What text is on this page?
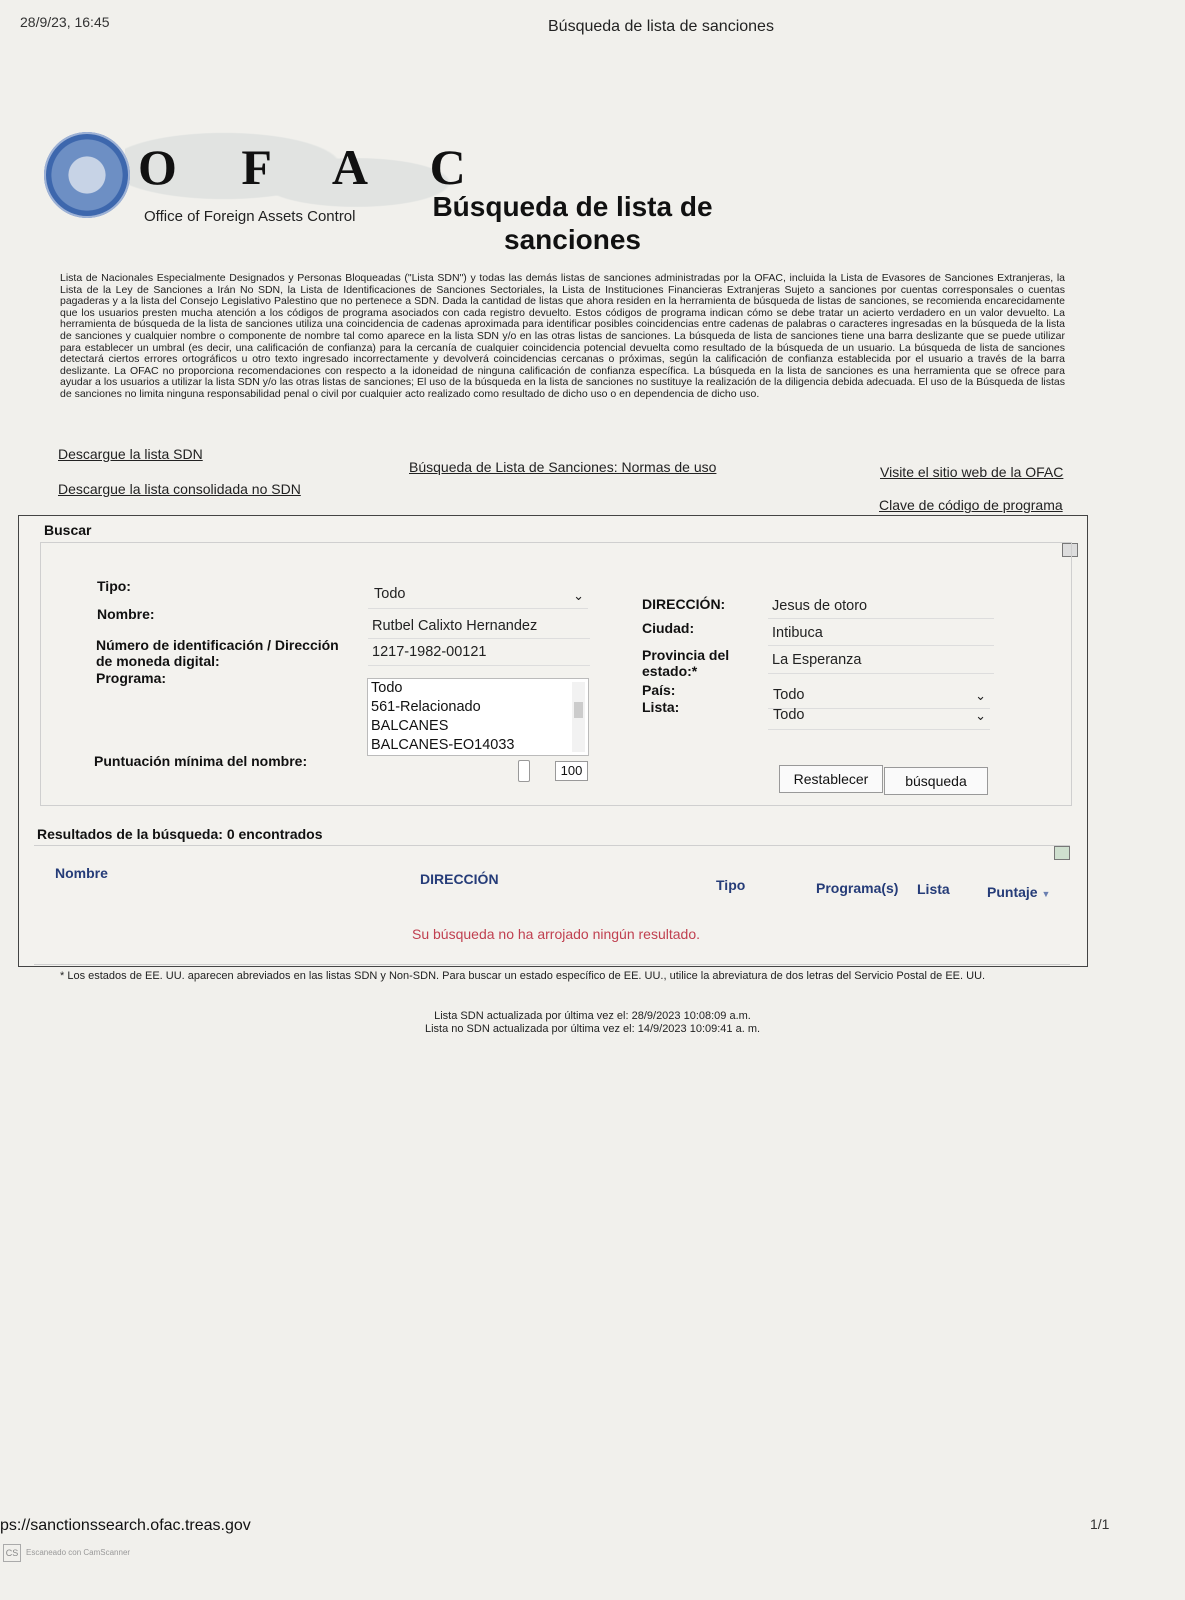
28/9/23, 16:45	Búsqueda de lista de sanciones
O F A C
Office of Foreign Assets Control	Búsqueda de lista de sanciones
Lista de Nacionales Especialmente Designados y Personas Bloqueadas ("Lista SDN") y todas las demás listas de sanciones administradas por la OFAC, incluida la Lista de Evasores de Sanciones Extranjeras, la Lista de la Ley de Sanciones a Irán No SDN, la Lista de Identificaciones de Sanciones Sectoriales, la Lista de Instituciones Financieras Extranjeras Sujeto a sanciones por cuentas corresponsales o cuentas pagaderas y a la lista del Consejo Legislativo Palestino que no pertenece a SDN. Dada la cantidad de listas que ahora residen en la herramienta de búsqueda de listas de sanciones, se recomienda encarecidamente que los usuarios presten mucha atención a los códigos de programa asociados con cada registro devuelto. Estos códigos de programa indican cómo se debe tratar un acierto verdadero en un valor devuelto. La herramienta de búsqueda de la lista de sanciones utiliza una coincidencia de cadenas aproximada para identificar posibles coincidencias entre cadenas de palabras o caracteres ingresadas en la búsqueda de la lista de sanciones y cualquier nombre o componente de nombre tal como aparece en la lista SDN y/o en las otras listas de sanciones. La búsqueda de lista de sanciones tiene una barra deslizante que se puede utilizar para establecer un umbral (es decir, una calificación de confianza) para la cercanía de cualquier coincidencia potencial devuelta como resultado de la búsqueda de un usuario. La búsqueda de lista de sanciones detectará ciertos errores ortográficos u otro texto ingresado incorrectamente y devolverá coincidencias cercanas o próximas, según la calificación de confianza establecida por el usuario a través de la barra deslizante. La OFAC no proporciona recomendaciones con respecto a la idoneidad de ninguna calificación de confianza específica. La búsqueda en la lista de sanciones es una herramienta que se ofrece para ayudar a los usuarios a utilizar la lista SDN y/o las otras listas de sanciones; El uso de la búsqueda en la lista de sanciones no sustituye la realización de la diligencia debida adecuada. El uso de la Búsqueda de listas de sanciones no limita ninguna responsabilidad penal o civil por cualquier acto realizado como resultado de dicho uso o en dependencia de dicho uso.
Descargue la lista SDN
Descargue la lista consolidada no SDN
Búsqueda de Lista de Sanciones: Normas de uso	Visite el sitio web de la OFAC
Clave de código de programa
Buscar
Tipo:	Todo	⌄
Nombre:
Rutbel Calixto Hernandez
Número de identificación / Dirección de moneda digital:
1217-1982-00121
Programa:
Todo
561-Relacionado
BALCANES
BALCANES-EO14033
Puntuación mínima del nombre:
100
DIRECCIÓN:	Jesus de otoro
Ciudad:	Intibuca
Provincia del estado:*
La Esperanza
País:	Todo	⌄
Lista:	Todo	⌄
Restablecer	búsqueda
Resultados de la búsqueda: 0 encontrados
Nombre	DIRECCIÓN	Tipo	Programa(s) Lista	Puntaje ▼
Su búsqueda no ha arrojado ningún resultado.
* Los estados de EE. UU. aparecen abreviados en las listas SDN y Non-SDN. Para buscar un estado específico de EE. UU., utilice la abreviatura de dos letras del Servicio Postal de EE. UU.
Lista SDN actualizada por última vez el: 28/9/2023 10:08:09 a.m.
Lista no SDN actualizada por última vez el: 14/9/2023 10:09:41 a. m.
ps://sanctionssearch.ofac.treas.gov	1/1
CS Escaneado con CamScanner
